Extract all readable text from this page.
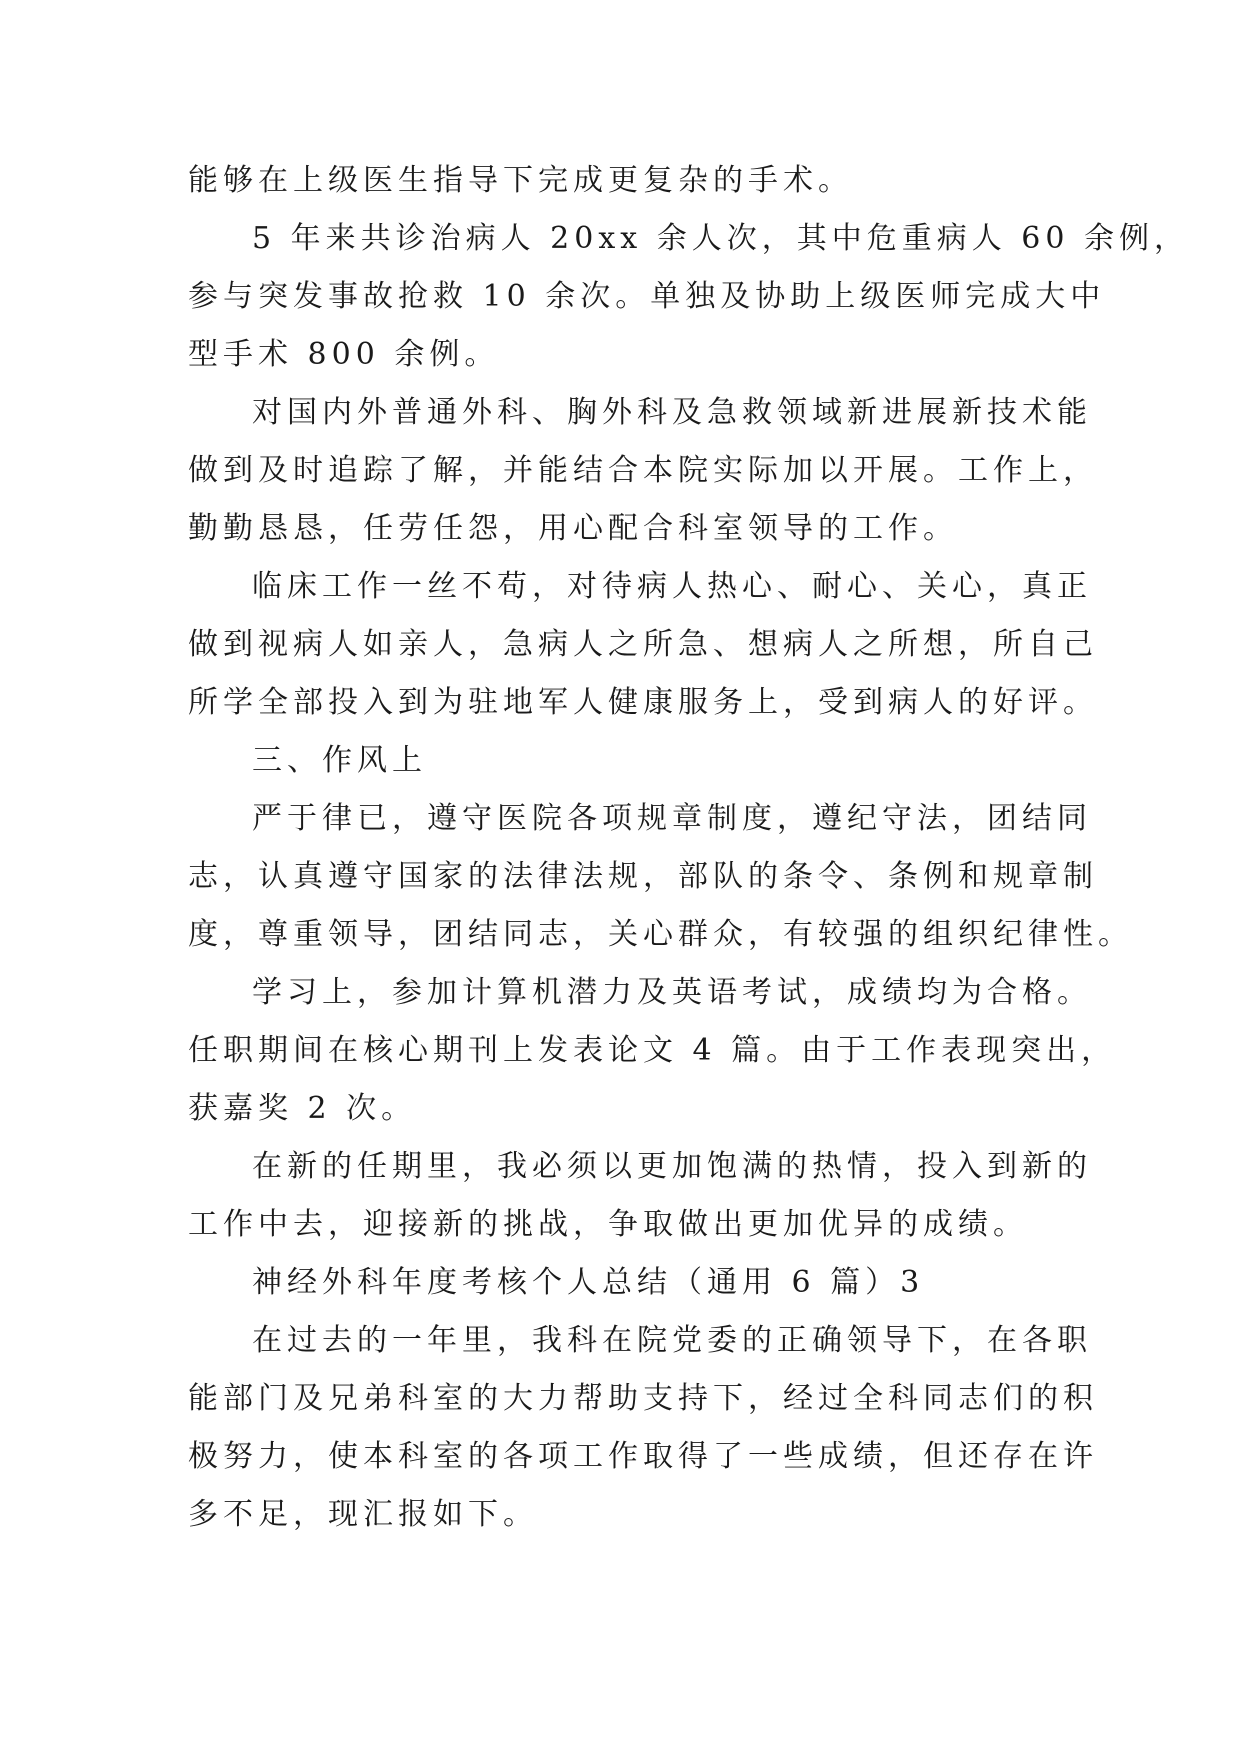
能够在上级医生指导下完成更复杂的手术。
5 年来共诊治病人 20xx 余人次，其中危重病人 60 余例，
参与突发事故抢救 10 余次。单独及协助上级医师完成大中
型手术 800 余例。
对国内外普通外科、胸外科及急救领域新进展新技术能
做到及时追踪了解，并能结合本院实际加以开展。工作上，
勤勤恳恳，任劳任怨，用心配合科室领导的工作。
临床工作一丝不苟，对待病人热心、耐心、关心，真正
做到视病人如亲人，急病人之所急、想病人之所想，所自己
所学全部投入到为驻地军人健康服务上，受到病人的好评。
三、作风上
严于律已，遵守医院各项规章制度，遵纪守法，团结同
志，认真遵守国家的法律法规，部队的条令、条例和规章制
度，尊重领导，团结同志，关心群众，有较强的组织纪律性。
学习上，参加计算机潜力及英语考试，成绩均为合格。
任职期间在核心期刊上发表论文 4 篇。由于工作表现突出，
获嘉奖 2 次。
在新的任期里，我必须以更加饱满的热情，投入到新的
工作中去，迎接新的挑战，争取做出更加优异的成绩。
神经外科年度考核个人总结（通用 6 篇）3
在过去的一年里，我科在院党委的正确领导下，在各职
能部门及兄弟科室的大力帮助支持下，经过全科同志们的积
极努力，使本科室的各项工作取得了一些成绩，但还存在许
多不足，现汇报如下。
